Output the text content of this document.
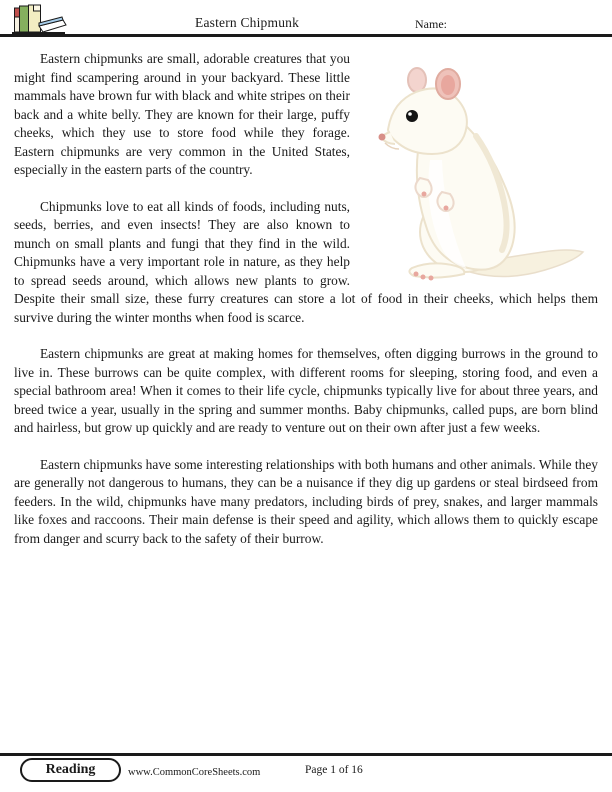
Eastern Chipmunk	Name:

Eastern chipmunks are small, adorable creatures that you might find scampering around in your backyard. These little mammals have brown fur with black and white stripes on their back and a white belly. They are known for their large, puffy cheeks, which they use to store food while they forage. Eastern chipmunks are very common in the United States, especially in the eastern parts of the country.

Chipmunks love to eat all kinds of foods, including nuts, seeds, berries, and even insects! They are also known to munch on small plants and fungi that they find in the wild. Chipmunks have a very important role in nature, as they help to spread seeds around, which allows new plants to grow. Despite their small size, these furry creatures can store a lot of food in their cheeks, which helps them survive during the winter months when food is scarce.

Eastern chipmunks are great at making homes for themselves, often digging burrows in the ground to live in. These burrows can be quite complex, with different rooms for sleeping, storing food, and even a special bathroom area! When it comes to their life cycle, chipmunks typically live for about three years, and breed twice a year, usually in the spring and summer months. Baby chipmunks, called pups, are born blind and hairless, but grow up quickly and are ready to venture out on their own after just a few weeks.

Eastern chipmunks have some interesting relationships with both humans and other animals. While they are generally not dangerous to humans, they can be a nuisance if they dig up gardens or steal birdseed from feeders. In the wild, chipmunks have many predators, including birds of prey, snakes, and larger mammals like foxes and raccoons. Their main defense is their speed and agility, which allows them to quickly escape from danger and scurry back to the safety of their burrow.

Reading	www.CommonCoreSheets.com	Page 1 of 16
